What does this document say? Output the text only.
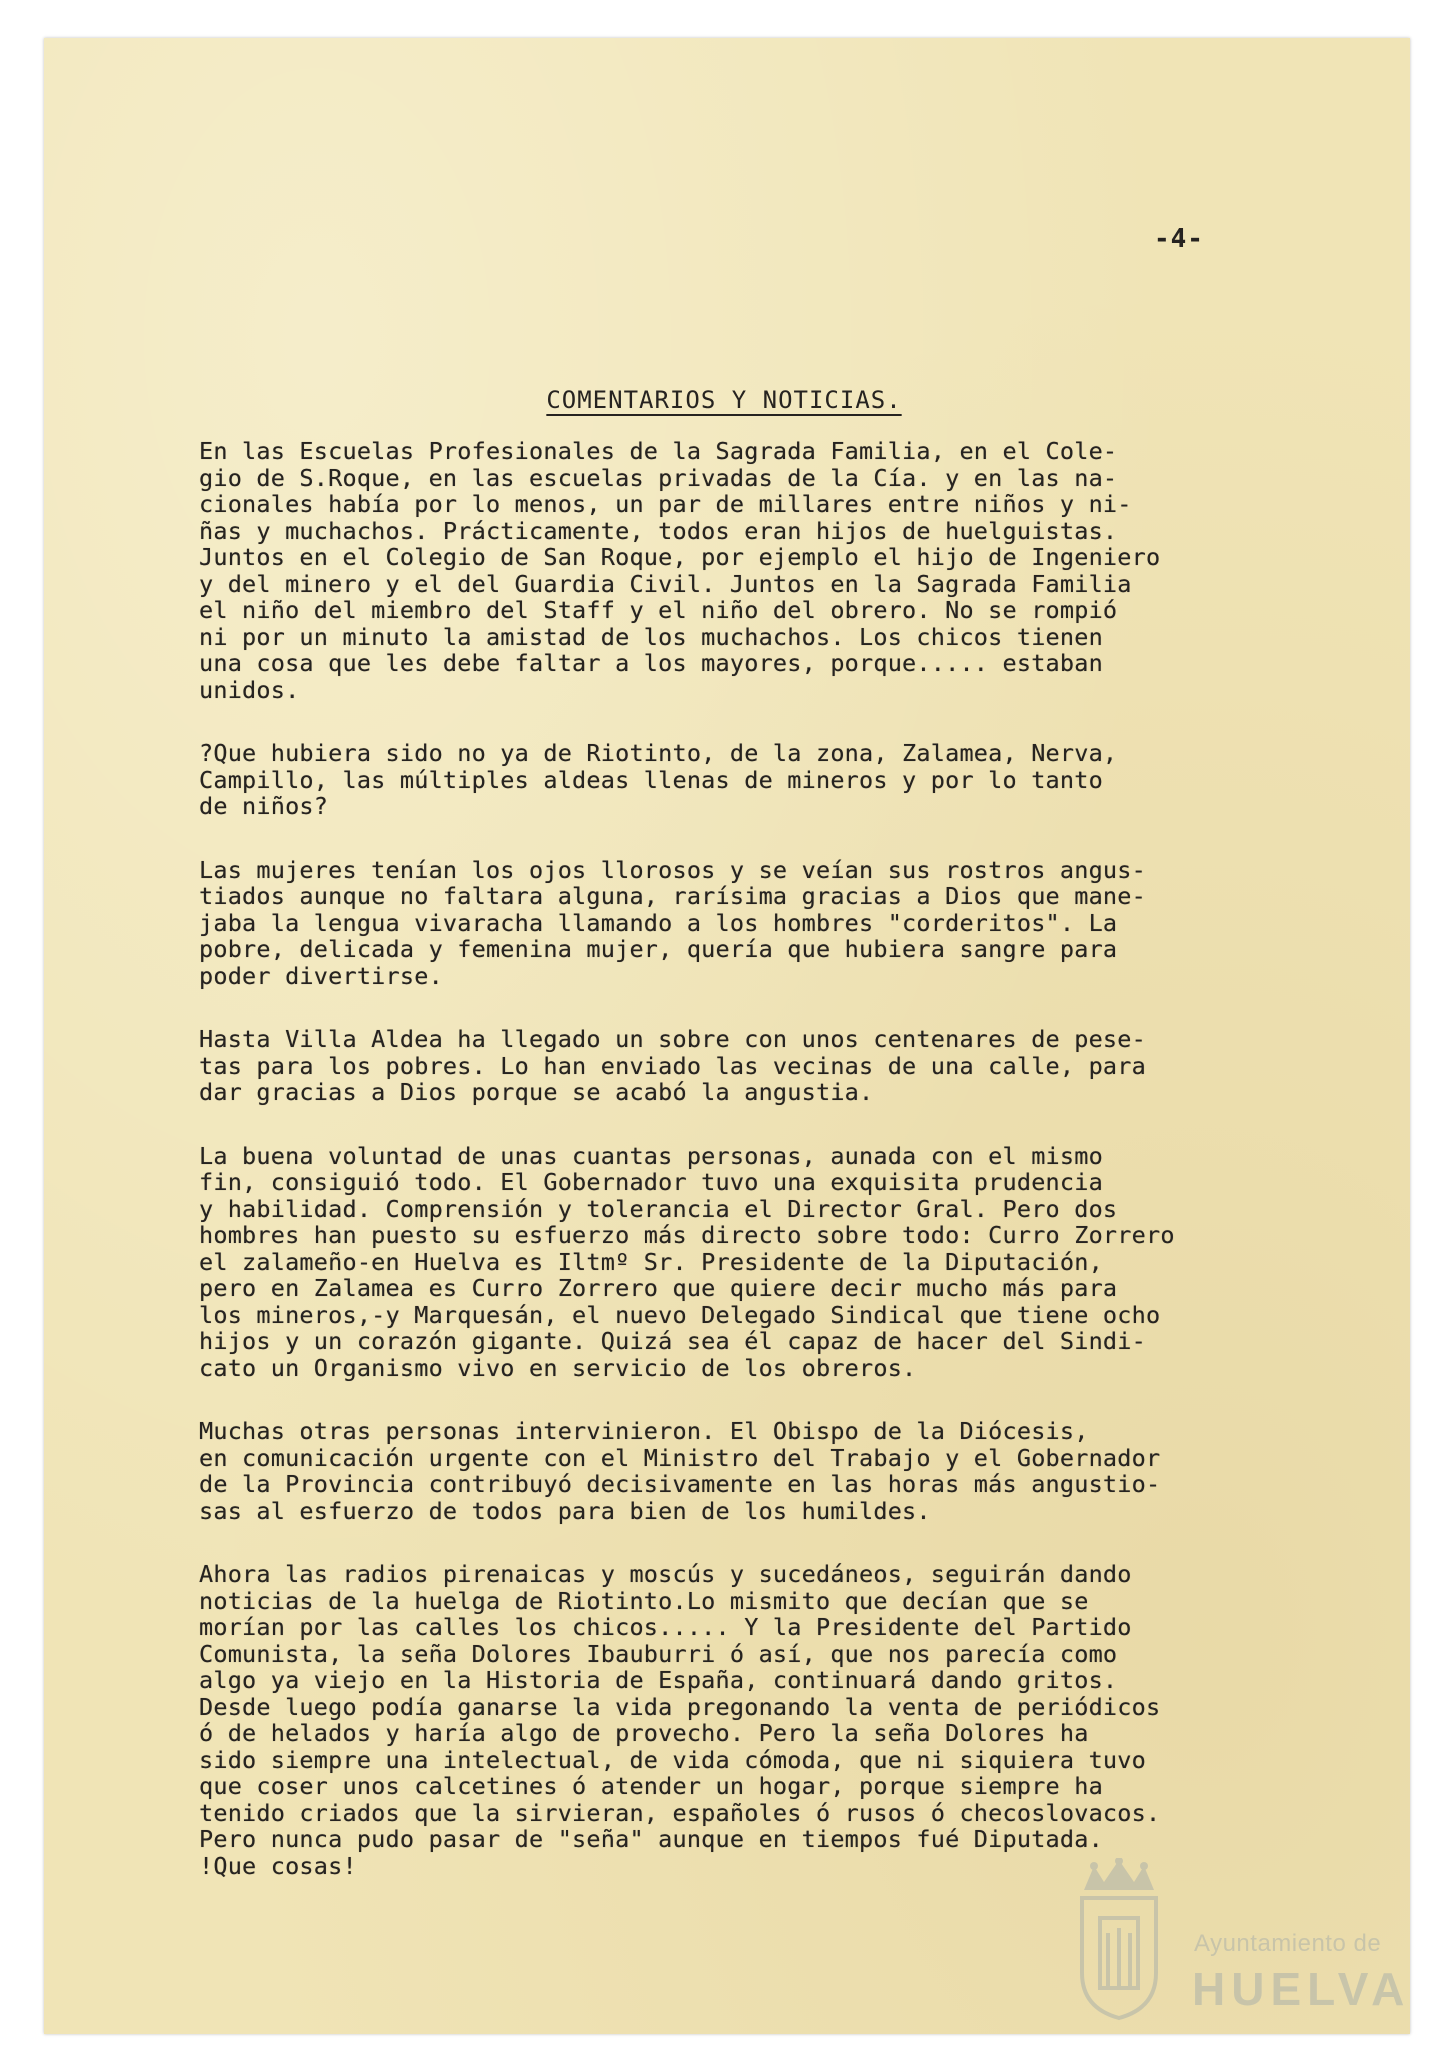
-4-
COMENTARIOS Y NOTICIAS.
En las Escuelas Profesionales de la Sagrada Familia, en el Cole-
gio de S.Roque, en las escuelas privadas de la Cía. y en las na-
cionales había por lo menos, un par de millares entre niños y ni-
ñas y muchachos. Prácticamente, todos eran hijos de huelguistas.
Juntos en el Colegio de San Roque, por ejemplo el hijo de Ingeniero
y del minero y el del Guardia Civil. Juntos en la Sagrada Familia
el niño del miembro del Staff y el niño del obrero. No se rompió
ni por un minuto la amistad de los muchachos. Los chicos tienen
una cosa que les debe faltar a los mayores, porque..... estaban
unidos.
?Que hubiera sido no ya de Riotinto, de la zona, Zalamea, Nerva,
Campillo, las múltiples aldeas llenas de mineros y por lo tanto
de niños?
Las mujeres tenían los ojos llorosos y se veían sus rostros angus-
tiados aunque no faltara alguna, rarísima gracias a Dios que mane-
jaba la lengua vivaracha llamando a los hombres "corderitos". La
pobre, delicada y femenina mujer, quería que hubiera sangre para
poder divertirse.
Hasta Villa Aldea ha llegado un sobre con unos centenares de pese-
tas para los pobres. Lo han enviado las vecinas de una calle, para
dar gracias a Dios porque se acabó la angustia.
La buena voluntad de unas cuantas personas, aunada con el mismo
fin, consiguió todo. El Gobernador tuvo una exquisita prudencia
y habilidad. Comprensión y tolerancia el Director Gral. Pero dos
hombres han puesto su esfuerzo más directo sobre todo: Curro Zorrero
el zalameño-en Huelva es Iltmº Sr. Presidente de la Diputación,
pero en Zalamea es Curro Zorrero que quiere decir mucho más para
los mineros,-y Marquesán, el nuevo Delegado Sindical que tiene ocho
hijos y un corazón gigante. Quizá sea él capaz de hacer del Sindi-
cato un Organismo vivo en servicio de los obreros.
Muchas otras personas intervinieron. El Obispo de la Diócesis,
en comunicación urgente con el Ministro del Trabajo y el Gobernador
de la Provincia contribuyó decisivamente en las horas más angustio-
sas al esfuerzo de todos para bien de los humildes.
Ahora las radios pirenaicas y moscús y sucedáneos, seguirán dando
noticias de la huelga de Riotinto.Lo mismito que decían que se
morían por las calles los chicos..... Y la Presidente del Partido
Comunista, la seña Dolores Ibauburri ó así, que nos parecía como
algo ya viejo en la Historia de España, continuará dando gritos.
Desde luego podía ganarse la vida pregonando la venta de periódicos
ó de helados y haría algo de provecho. Pero la seña Dolores ha
sido siempre una intelectual, de vida cómoda, que ni siquiera tuvo
que coser unos calcetines ó atender un hogar, porque siempre ha
tenido criados que la sirvieran, españoles ó rusos ó checoslovacos.
Pero nunca pudo pasar de "seña" aunque en tiempos fué Diputada.
!Que cosas!
Ayuntamiento de
HUELVA
